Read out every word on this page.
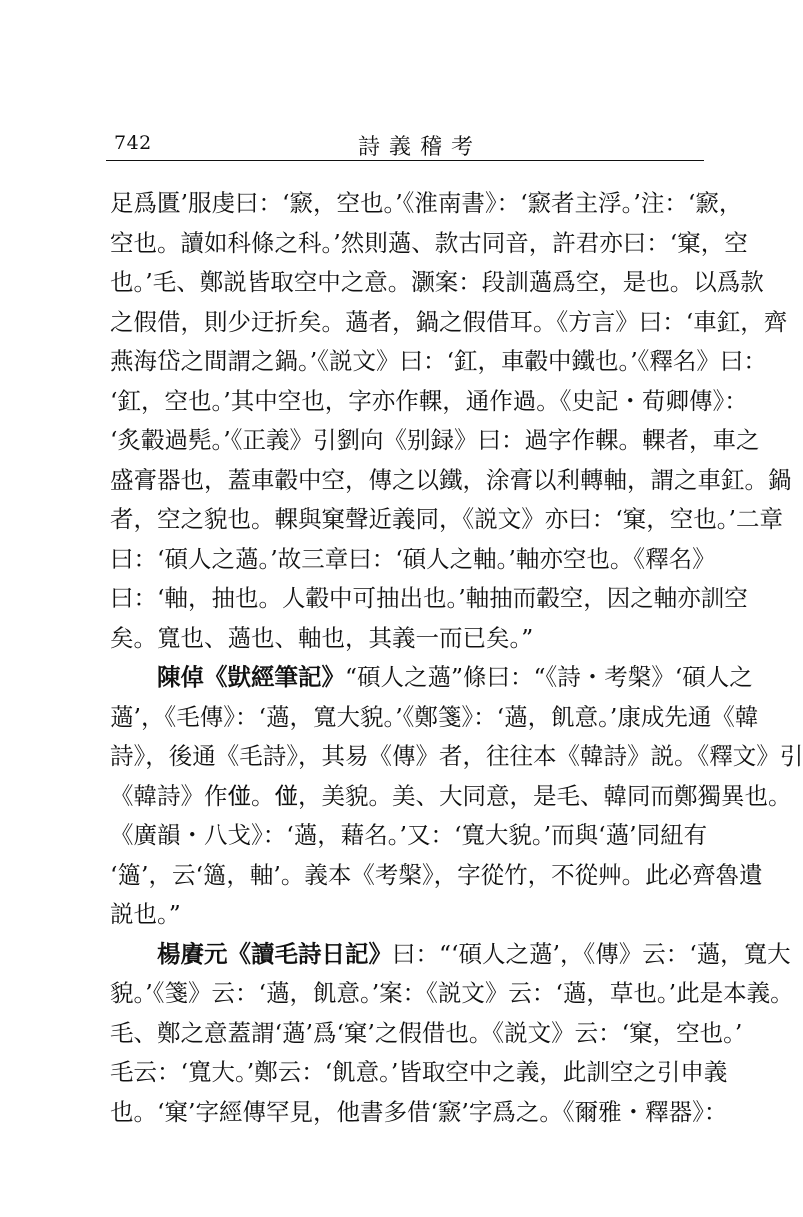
742	詩義稽考
足爲匱’服虔曰：‘窾，空也。’《淮南書》：‘窾者主浮。’注：‘窾，
空也。讀如科條之科。’然則薖、款古同音，許君亦曰：‘窠，空
也。’毛、鄭説皆取空中之意。灏案：段訓薖爲空，是也。以爲款
之假借，則少迂折矣。薖者，鍋之假借耳。《方言》曰：‘車釭，齊
燕海岱之間謂之鍋。’《説文》曰：‘釭，車轂中鐵也。’《釋名》曰：
‘釭，空也。’其中空也，字亦作輠，通作過。《史記・荀卿傳》：
‘炙轂過髡。’《正義》引劉向《别録》曰：過字作輠。輠者，車之
盛膏器也，蓋車轂中空，傳之以鐵，涂膏以利轉軸，謂之車釭。鍋
者，空之貌也。輠與窠聲近義同，《説文》亦曰：‘窠，空也。’二章
曰：‘碩人之薖。’故三章曰：‘碩人之軸。’軸亦空也。《釋名》
曰：‘軸，抽也。人轂中可抽出也。’軸抽而轂空，因之軸亦訓空
矣。寬也、薖也、軸也，其義一而已矣。”
陳倬《獃經筆記》“碩人之薖”條曰：“《詩・考槃》‘碩人之
薖’，《毛傳》：‘薖，寬大貌。’《鄭箋》：‘薖，飢意。’康成先通《韓
詩》，後通《毛詩》，其易《傳》者，往往本《韓詩》説。《釋文》引
《韓詩》作𠊧。𠊧，美貌。美、大同意，是毛、韓同而鄭獨異也。
《廣韻・八戈》：‘薖，藉名。’又：‘寬大貌。’而與‘薖’同紐有
‘簻’，云‘簻，軸’。義本《考槃》，字從竹，不從艸。此必齊魯遺
説也。”
楊賡元《讀毛詩日記》曰：“‘碩人之薖’，《傳》云：‘薖，寬大
貌。’《箋》云：‘薖，飢意。’案：《説文》云：‘薖，草也。’此是本義。
毛、鄭之意蓋謂‘薖’爲‘窠’之假借也。《説文》云：‘窠，空也。’
毛云：‘寬大。’鄭云：‘飢意。’皆取空中之義，此訓空之引申義
也。‘窠’字經傳罕見，他書多借‘窾’字爲之。《爾雅・釋器》：
